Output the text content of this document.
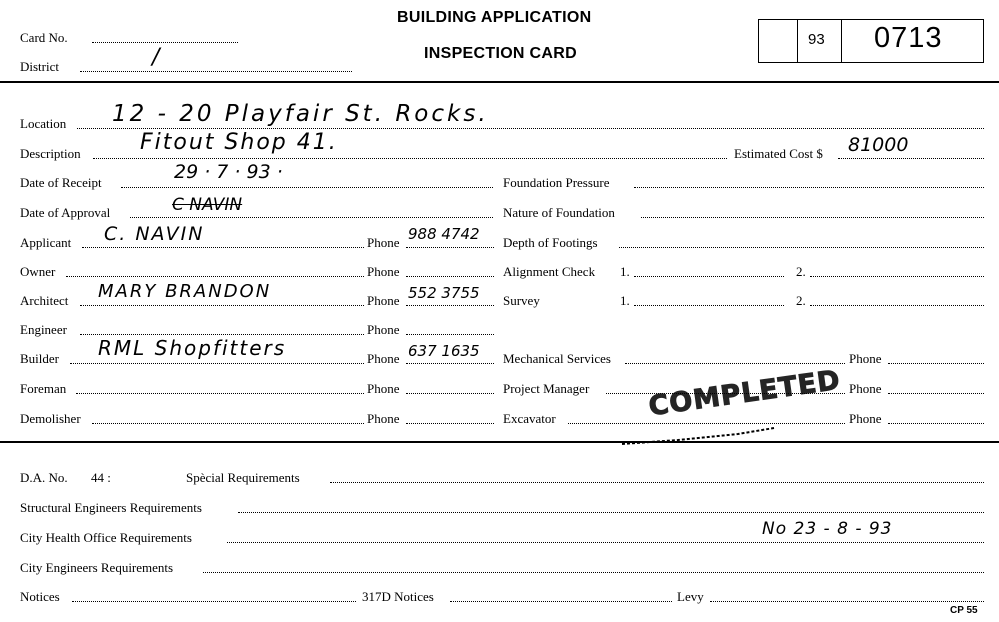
Card No.
District	/
BUILDING APPLICATION
INSPECTION CARD
93 0713
Location 12 - 20 Playfair St. Rocks.
Description	Fitout Shop 41.	Estimated Cost $ 81000
Date of Receipt	29 · 7 · 93 ·
Date of Approval	C NAVIN
Applicant C. NAVIN	Phone 988 4742
Owner	Phone
Architect MARY BRANDON	Phone 552 3755
Engineer	Phone
Builder RML Shopfitters	Phone 637 1635
Foreman	Phone
Demolisher	Phone
Foundation Pressure
Nature of Foundation
Depth of Footings
Alignment Check 1.	2.
Survey	1.	2.
Mechanical Services	Phone
Project Manager	Phone
Excavator	Phone
COMPLETED
D.A. No. 44 :	Spècial Requirements
Structural Engineers Requirements
City Health Office Requirements	No 23 - 8 - 93
City Engineers Requirements
Notices	317D Notices	Levy
CP 55
